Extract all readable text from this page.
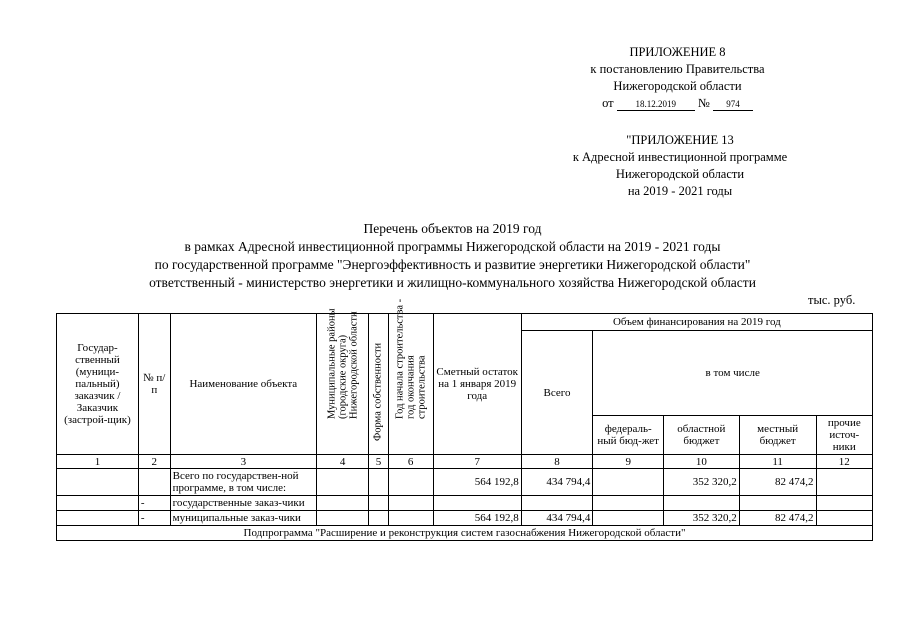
ПРИЛОЖЕНИЕ 8
к постановлению Правительства
Нижегородской области
от 18.12.2019 № 974
"ПРИЛОЖЕНИЕ 13
к Адресной инвестиционной программе
Нижегородской области
на 2019 - 2021 годы
Перечень объектов на 2019 год
в рамках Адресной инвестиционной программы Нижегородской области на 2019 - 2021 годы
по государственной программе "Энергоэффективность и развитие энергетики Нижегородской области"
ответственный - министерство энергетики и жилищно-коммунального хозяйства Нижегородской области
тыс. руб.
Государ-ственный (муници-пальный) заказчик / Заказчик (застрой-щик)	№ п/п	Наименование объекта	Муниципальные районы (городские округа) Нижегородской области	Форма собственности	Год начала строительства - год окончания строительства	Сметный остаток на 1 января 2019 года	Объем финансирования на 2019 год				
							Всего	в том числе			
								федераль-ный бюд-жет	областной бюджет	местный бюджет	прочие источ-ники
1	2	3	4	5	6	7	8	9	10	11	12
		Всего по государствен-ной программе, в том числе:				564 192,8	434 794,4		352 320,2	82 474,2	
	-	государственные заказ-чики									
	-	муниципальные заказ-чики				564 192,8	434 794,4		352 320,2	82 474,2	
Подпрограмма "Расширение и реконструкция систем газоснабжения Нижегородской области"											
